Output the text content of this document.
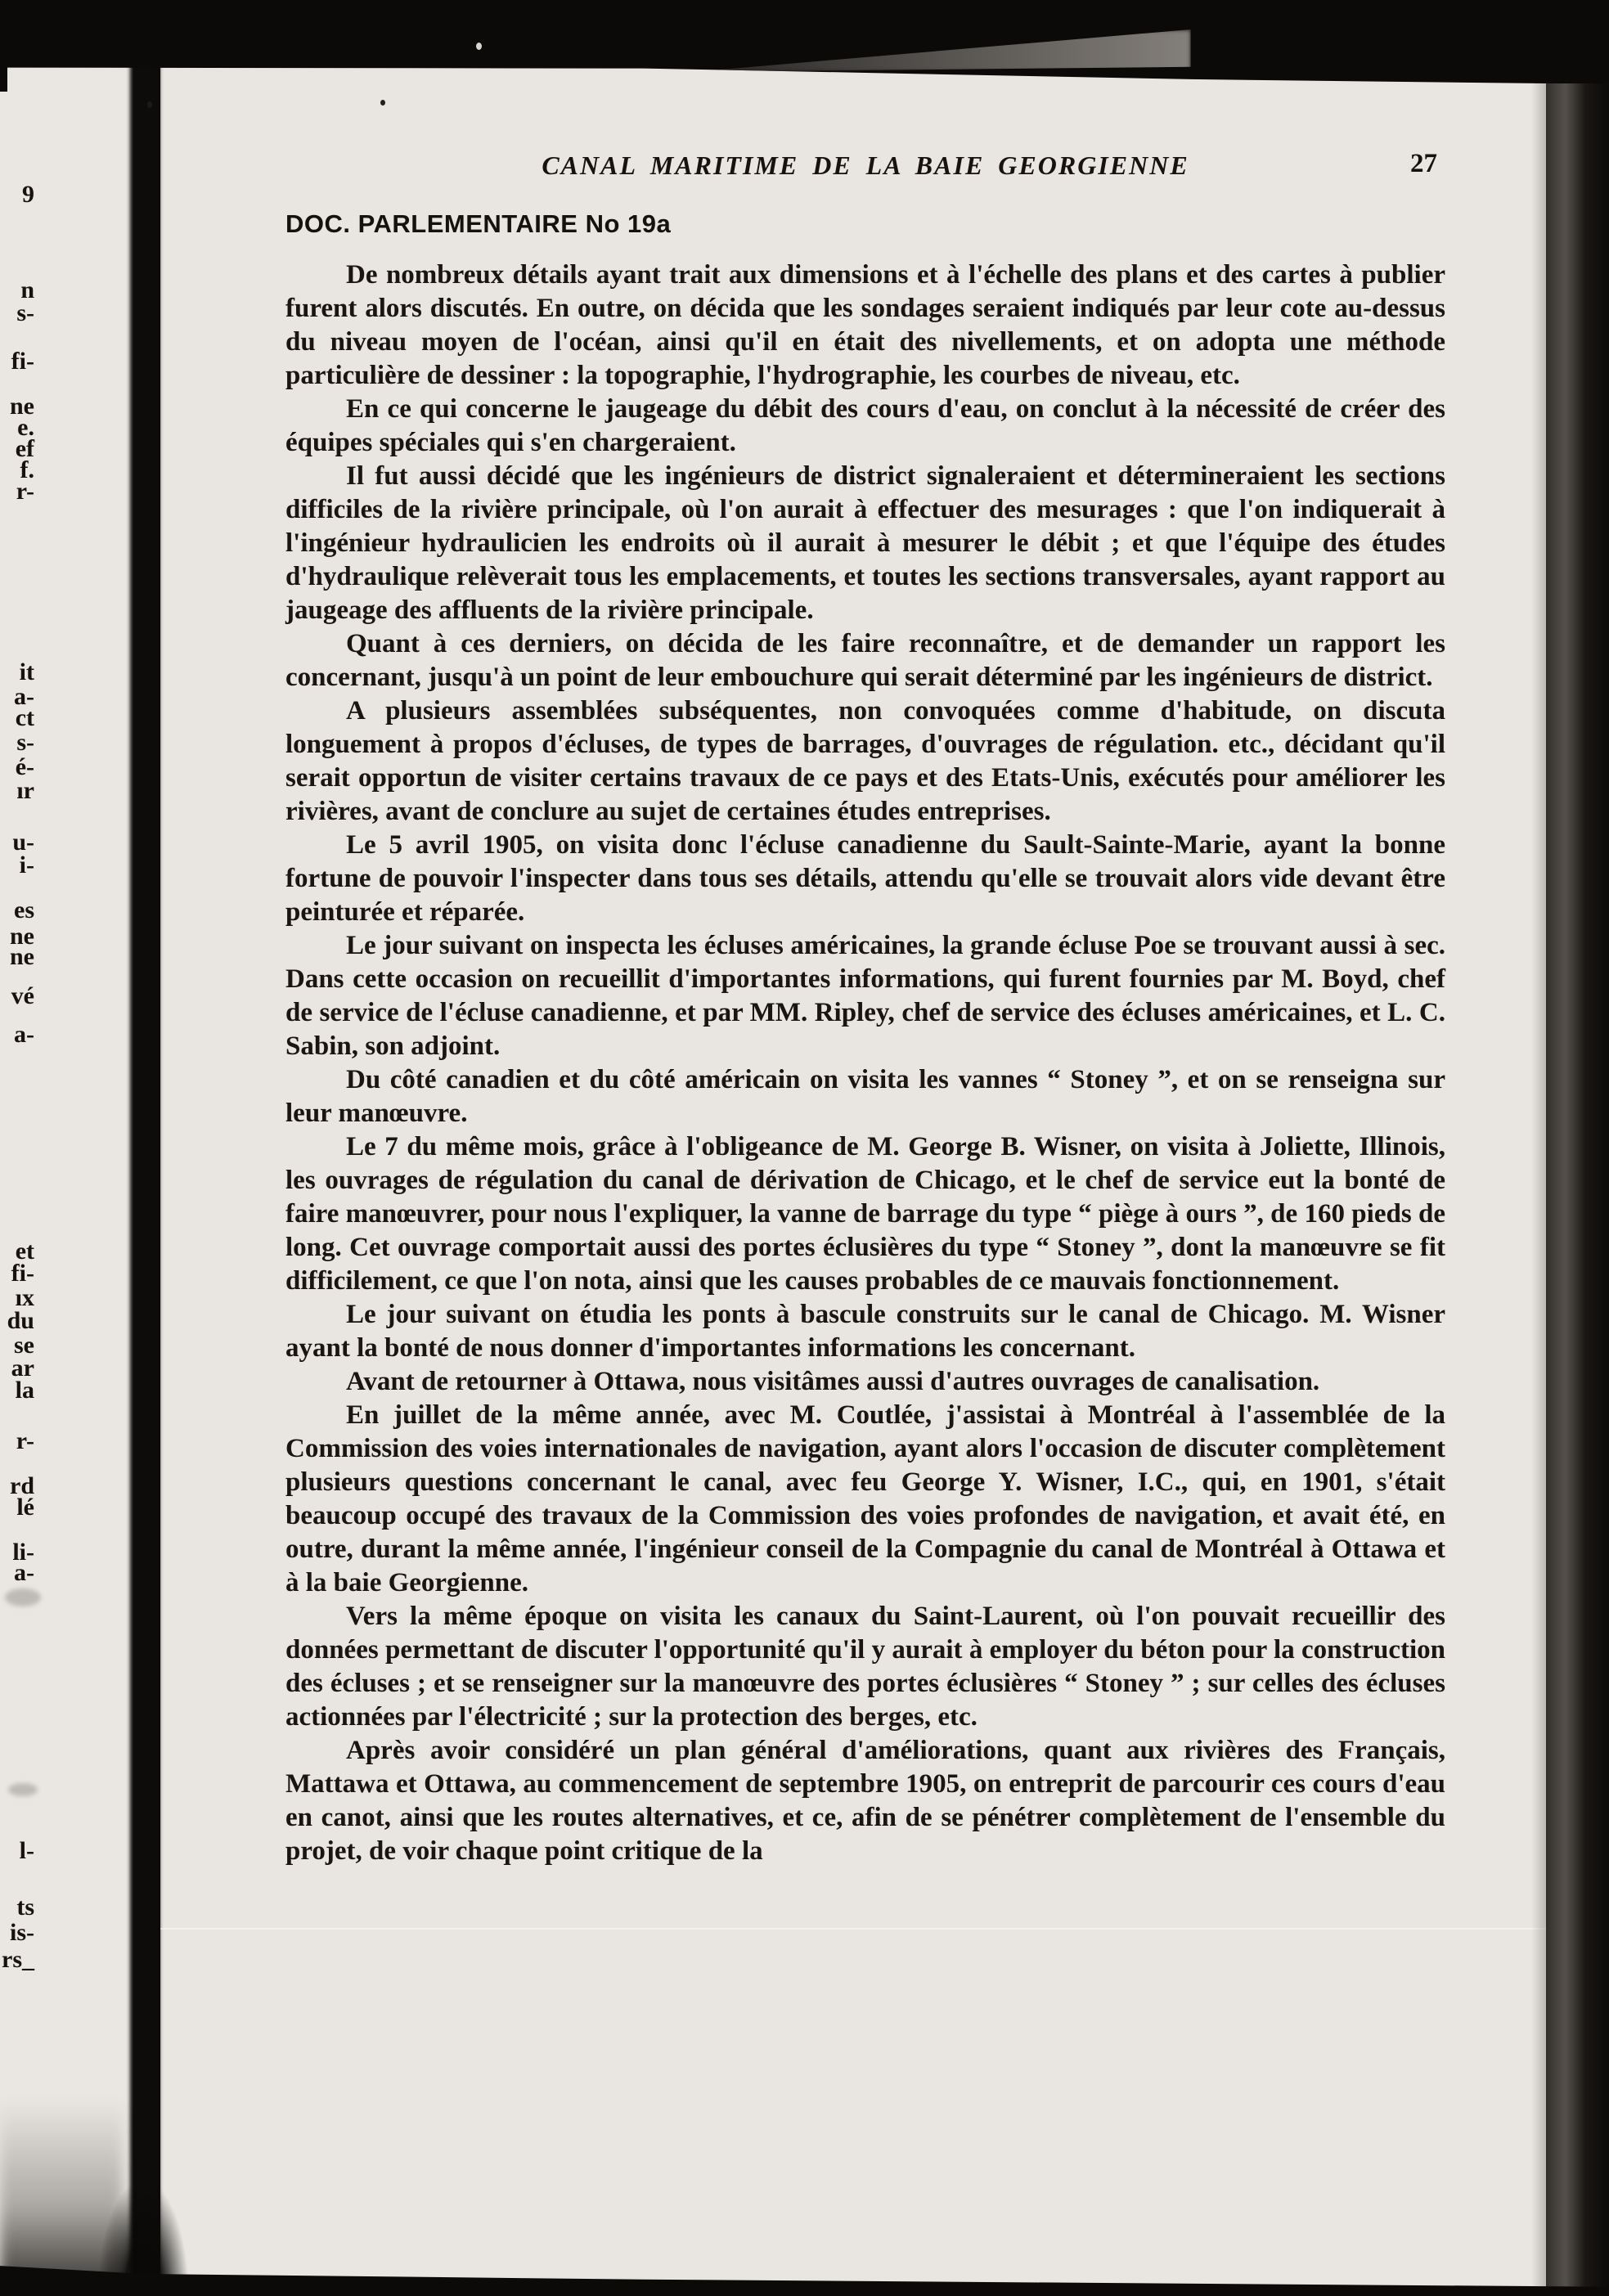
9
n
s-
fi-
ne
e.
ef
f.
r-
it
a-
ct
s-
é-
ır
u-
i-
es
ne
ne
vé
a-
et
fi-
ıx
du
se
ar
la
r-
rd
lé
li-
a-
l-
ts
is-
rs_
CANAL MARITIME DE LA BAIE GEORGIENNE	27
DOC. PARLEMENTAIRE No 19a

De nombreux détails ayant trait aux dimensions et à l'échelle des plans et des cartes à publier furent alors discutés. En outre, on décida que les sondages seraient indiqués par leur cote au-dessus du niveau moyen de l'océan, ainsi qu'il en était des nivellements, et on adopta une méthode particulière de dessiner : la topographie, l'hydrographie, les courbes de niveau, etc.

En ce qui concerne le jaugeage du débit des cours d'eau, on conclut à la nécessité de créer des équipes spéciales qui s'en chargeraient.

Il fut aussi décidé que les ingénieurs de district signaleraient et détermineraient les sections difficiles de la rivière principale, où l'on aurait à effectuer des mesurages : que l'on indiquerait à l'ingénieur hydraulicien les endroits où il aurait à mesurer le débit ; et que l'équipe des études d'hydraulique relèverait tous les emplacements, et toutes les sections transversales, ayant rapport au jaugeage des affluents de la rivière principale.

Quant à ces derniers, on décida de les faire reconnaître, et de demander un rapport les concernant, jusqu'à un point de leur embouchure qui serait déterminé par les ingénieurs de district.

A plusieurs assemblées subséquentes, non convoquées comme d'habitude, on discuta longuement à propos d'écluses, de types de barrages, d'ouvrages de régulation. etc., décidant qu'il serait opportun de visiter certains travaux de ce pays et des Etats-Unis, exécutés pour améliorer les rivières, avant de conclure au sujet de certaines études entreprises.

Le 5 avril 1905, on visita donc l'écluse canadienne du Sault-Sainte-Marie, ayant la bonne fortune de pouvoir l'inspecter dans tous ses détails, attendu qu'elle se trouvait alors vide devant être peinturée et réparée.

Le jour suivant on inspecta les écluses américaines, la grande écluse Poe se trouvant aussi à sec. Dans cette occasion on recueillit d'importantes informations, qui furent fournies par M. Boyd, chef de service de l'écluse canadienne, et par MM. Ripley, chef de service des écluses américaines, et L. C. Sabin, son adjoint.

Du côté canadien et du côté américain on visita les vannes “ Stoney ”, et on se renseigna sur leur manœuvre.

Le 7 du même mois, grâce à l'obligeance de M. George B. Wisner, on visita à Joliette, Illinois, les ouvrages de régulation du canal de dérivation de Chicago, et le chef de service eut la bonté de faire manœuvrer, pour nous l'expliquer, la vanne de barrage du type “ piège à ours ”, de 160 pieds de long. Cet ouvrage comportait aussi des portes éclusières du type “ Stoney ”, dont la manœuvre se fit difficilement, ce que l'on nota, ainsi que les causes probables de ce mauvais fonctionnement.

Le jour suivant on étudia les ponts à bascule construits sur le canal de Chicago. M. Wisner ayant la bonté de nous donner d'importantes informations les concernant.

Avant de retourner à Ottawa, nous visitâmes aussi d'autres ouvrages de canalisation.

En juillet de la même année, avec M. Coutlée, j'assistai à Montréal à l'assemblée de la Commission des voies internationales de navigation, ayant alors l'occasion de discuter complètement plusieurs questions concernant le canal, avec feu George Y. Wisner, I.C., qui, en 1901, s'était beaucoup occupé des travaux de la Commission des voies profondes de navigation, et avait été, en outre, durant la même année, l'ingénieur conseil de la Compagnie du canal de Montréal à Ottawa et à la baie Georgienne.

Vers la même époque on visita les canaux du Saint-Laurent, où l'on pouvait recueillir des données permettant de discuter l'opportunité qu'il y aurait à employer du béton pour la construction des écluses ; et se renseigner sur la manœuvre des portes éclusières “ Stoney ” ; sur celles des écluses actionnées par l'électricité ; sur la protection des berges, etc.

Après avoir considéré un plan général d'améliorations, quant aux rivières des Français, Mattawa et Ottawa, au commencement de septembre 1905, on entreprit de parcourir ces cours d'eau en canot, ainsi que les routes alternatives, et ce, afin de se pénétrer complètement de l'ensemble du projet, de voir chaque point critique de la
